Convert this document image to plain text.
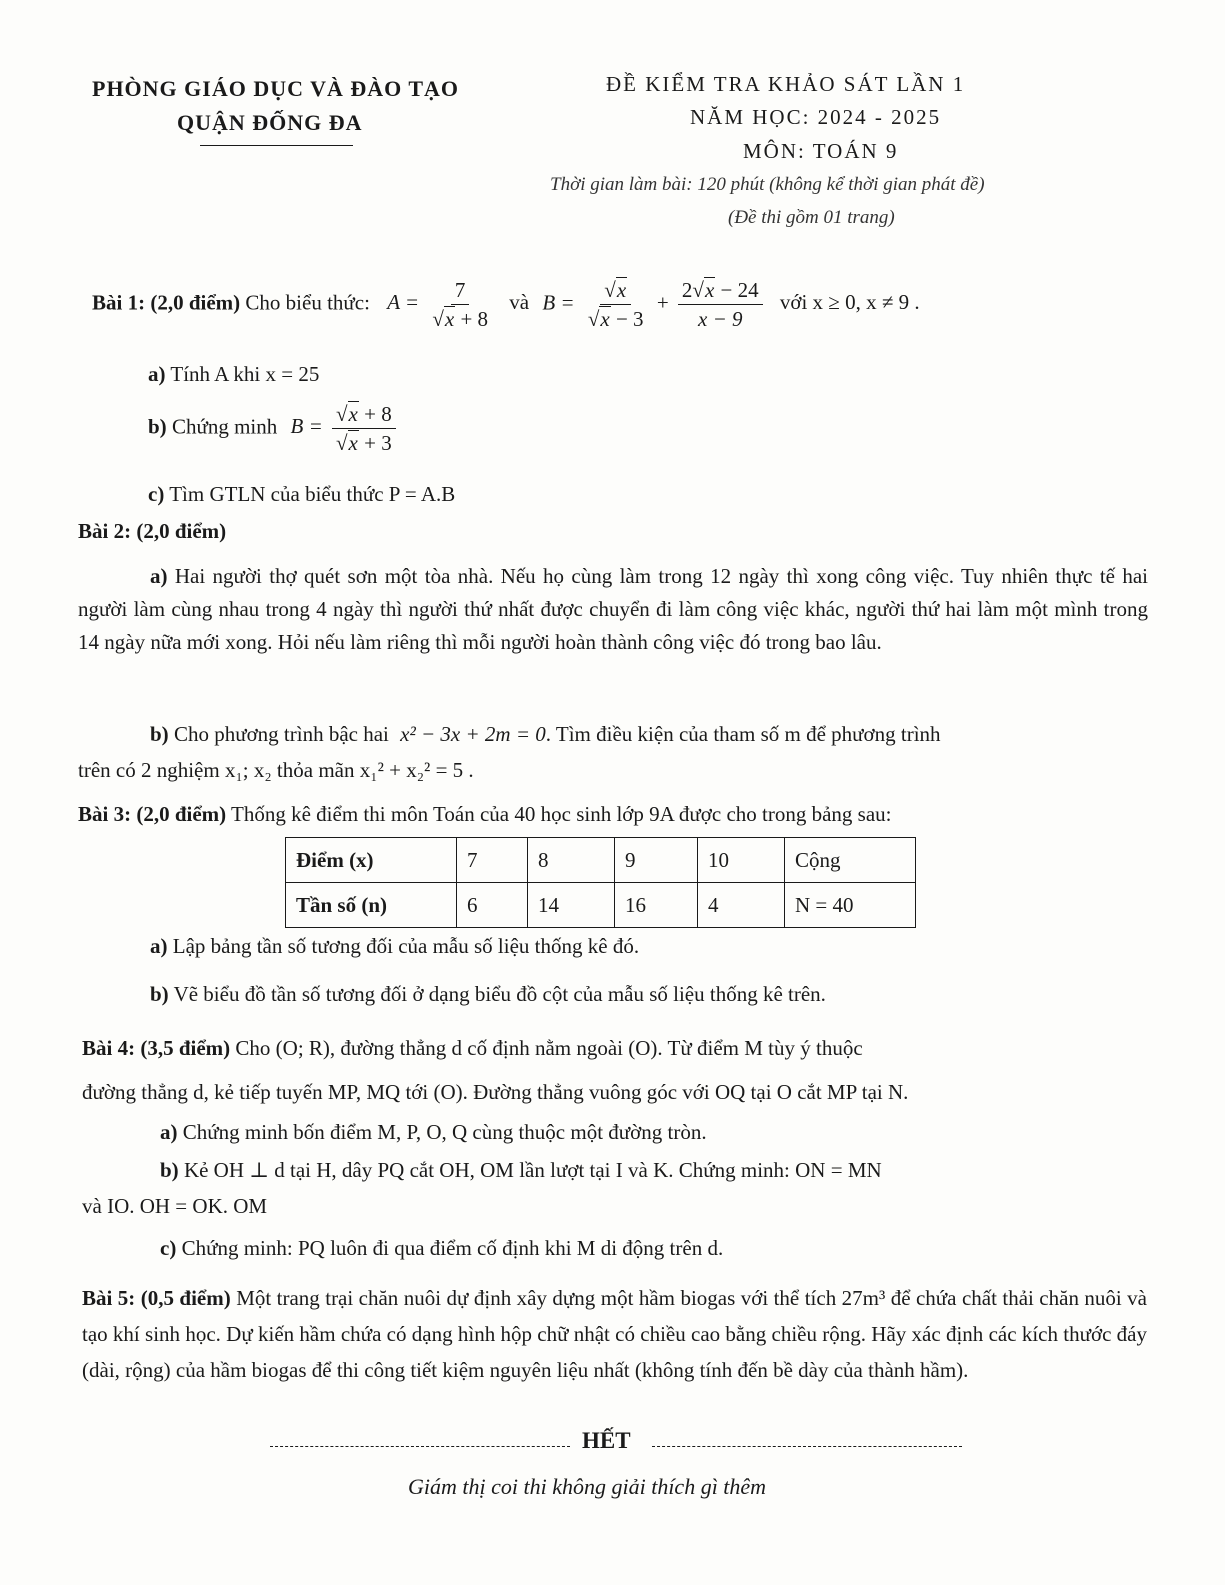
PHÒNG GIÁO DỤC VÀ ĐÀO TẠO
QUẬN ĐỐNG ĐA
ĐỀ KIỂM TRA KHẢO SÁT LẦN 1
NĂM HỌC: 2024 - 2025
MÔN: TOÁN 9
Thời gian làm bài: 120 phút (không kể thời gian phát đề)
(Đề thi gồm 01 trang)
Bài 1: (2,0 điểm) Cho biểu thức: $A = \frac{7}{√x + 8}$ và $B = \frac{√x}{√x - 3} + \frac{2√x - 24}{x - 9}$ với x ≥ 0, x ≠ 9 .
a) Tính A khi x = 25
b) Chứng minh $B = \frac{√x + 8}{√x + 3}$
c) Tìm GTLN của biểu thức P = A.B
Bài 2: (2,0 điểm)
a) Hai người thợ quét sơn một tòa nhà. Nếu họ cùng làm trong 12 ngày thì xong công việc. Tuy nhiên thực tế hai người làm cùng nhau trong 4 ngày thì người thứ nhất được chuyển đi làm công việc khác, người thứ hai làm một mình trong 14 ngày nữa mới xong. Hỏi nếu làm riêng thì mỗi người hoàn thành công việc đó trong bao lâu.
b) Cho phương trình bậc hai x² − 3x + 2m = 0. Tìm điều kiện của tham số m để phương trình
trên có 2 nghiệm x₁; x₂ thỏa mãn x₁² + x₂² = 5 .
Bài 3: (2,0 điểm) Thống kê điểm thi môn Toán của 40 học sinh lớp 9A được cho trong bảng sau:
Điểm (x)	7	8	9	10	Cộng
Tần số (n)	6	14	16	4	N = 40
a) Lập bảng tần số tương đối của mẫu số liệu thống kê đó.
b) Vẽ biểu đồ tần số tương đối ở dạng biểu đồ cột của mẫu số liệu thống kê trên.
Bài 4: (3,5 điểm) Cho (O; R), đường thẳng d cố định nằm ngoài (O). Từ điểm M tùy ý thuộc
đường thẳng d, kẻ tiếp tuyến MP, MQ tới (O). Đường thẳng vuông góc với OQ tại O cắt MP tại N.
a) Chứng minh bốn điểm M, P, O, Q cùng thuộc một đường tròn.
b) Kẻ OH ⊥ d tại H, dây PQ cắt OH, OM lần lượt tại I và K. Chứng minh: ON = MN
và IO. OH = OK. OM
c) Chứng minh: PQ luôn đi qua điểm cố định khi M di động trên d.
Bài 5: (0,5 điểm) Một trang trại chăn nuôi dự định xây dựng một hầm biogas với thể tích 27m³ để chứa chất thải chăn nuôi và tạo khí sinh học. Dự kiến hầm chứa có dạng hình hộp chữ nhật có chiều cao bằng chiều rộng. Hãy xác định các kích thước đáy (dài, rộng) của hầm biogas để thi công tiết kiệm nguyên liệu nhất (không tính đến bề dày của thành hầm).
HẾT
Giám thị coi thi không giải thích gì thêm
